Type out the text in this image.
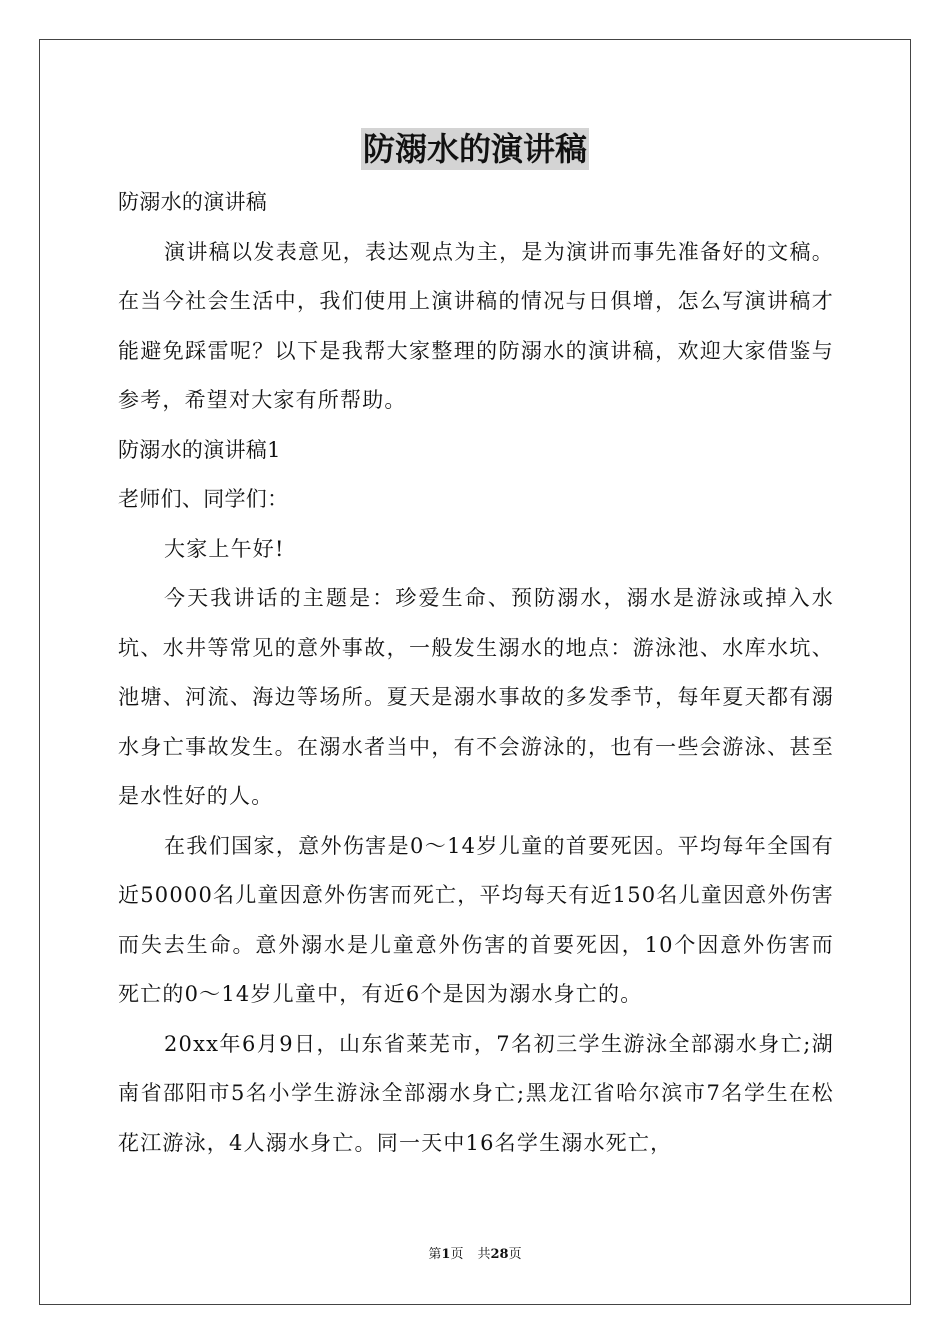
防溺水的演讲稿

防溺水的演讲稿

演讲稿以发表意见，表达观点为主，是为演讲而事先准备好的文稿。在当今社会生活中，我们使用上演讲稿的情况与日俱增，怎么写演讲稿才能避免踩雷呢？以下是我帮大家整理的防溺水的演讲稿，欢迎大家借鉴与参考，希望对大家有所帮助。

防溺水的演讲稿1

老师们、同学们：

大家上午好!

今天我讲话的主题是：珍爱生命、预防溺水，溺水是游泳或掉入水坑、水井等常见的意外事故，一般发生溺水的地点：游泳池、水库水坑、池塘、河流、海边等场所。夏天是溺水事故的多发季节，每年夏天都有溺水身亡事故发生。在溺水者当中，有不会游泳的，也有一些会游泳、甚至是水性好的人。

在我们国家，意外伤害是0～14岁儿童的首要死因。平均每年全国有近50000名儿童因意外伤害而死亡，平均每天有近150名儿童因意外伤害而失去生命。意外溺水是儿童意外伤害的首要死因，10个因意外伤害而死亡的0～14岁儿童中，有近6个是因为溺水身亡的。

20xx年6月9日，山东省莱芜市，7名初三学生游泳全部溺水身亡;湖南省邵阳市5名小学生游泳全部溺水身亡;黑龙江省哈尔滨市7名学生在松花江游泳，4人溺水身亡。同一天中16名学生溺水死亡，

第1页 共28页
